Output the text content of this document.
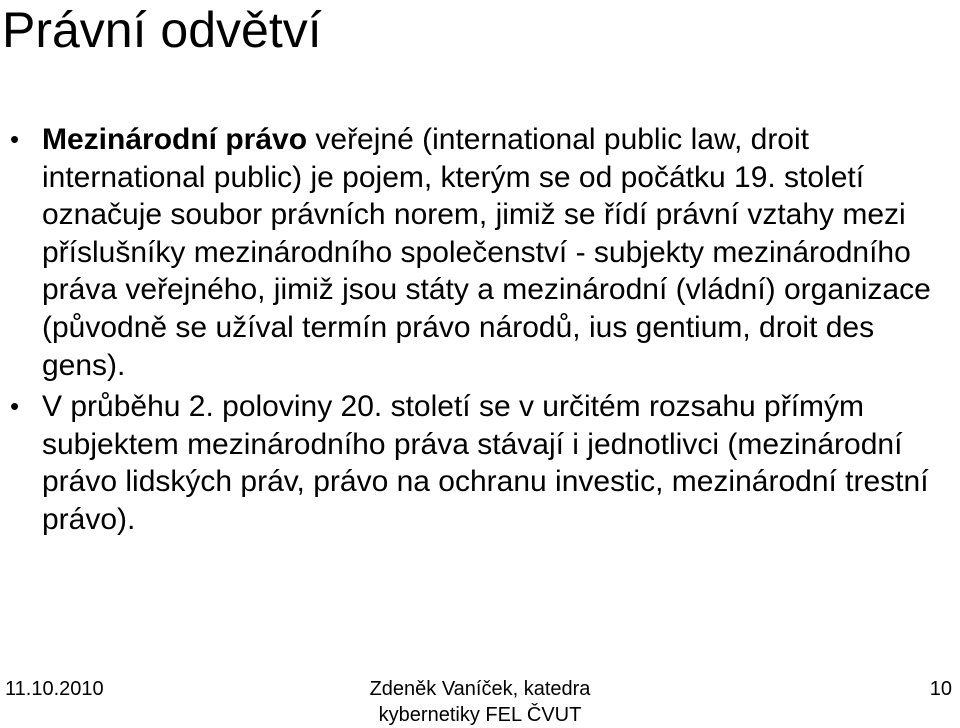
Právní odvětví
• Mezinárodní právo veřejné (international public law, droit international public) je pojem, kterým se od počátku 19. století označuje soubor právních norem, jimiž se řídí právní vztahy mezi příslušníky mezinárodního společenství - subjekty mezinárodního práva veřejného, jimiž jsou státy a mezinárodní (vládní) organizace (původně se užíval termín právo národů, ius gentium, droit des gens).
• V průběhu 2. poloviny 20. století se v určitém rozsahu přímým subjektem mezinárodního práva stávají i jednotlivci (mezinárodní právo lidských práv, právo na ochranu investic, mezinárodní trestní právo).
11.10.2010	Zdeněk Vaníček, katedra
kybernetiky FEL ČVUT
10
